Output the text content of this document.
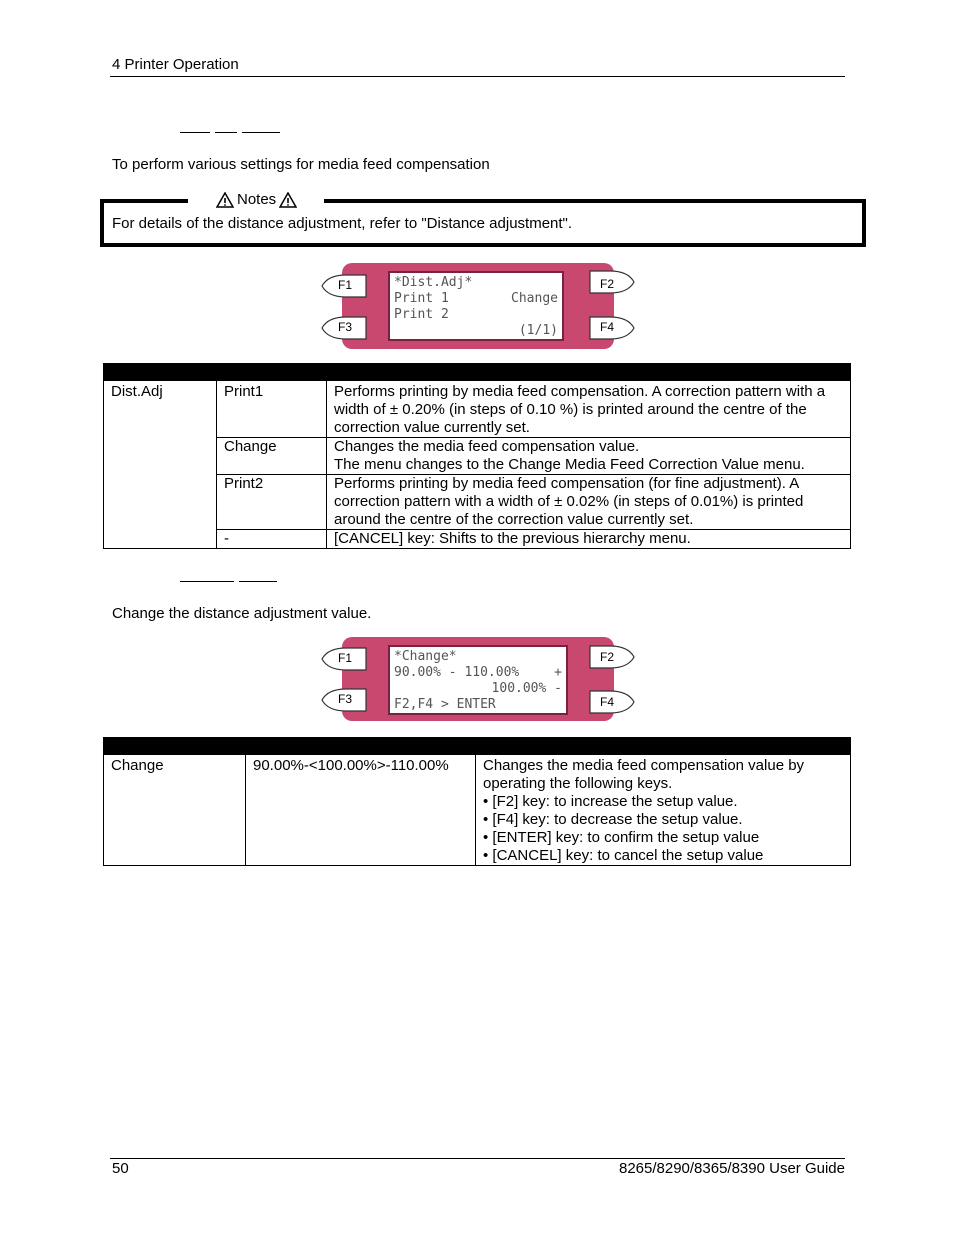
4 Printer Operation
To perform various settings for media feed compensation
Notes
For details of the distance adjustment, refer to "Distance adjustment".
F1	F2
F3	F4
*Dist.Adj*
Print 1	Change
Print 2
(1/1)

Dist.Adj	Print1	Performs printing by media feed compensation. A correction pattern with a width of ± 0.20% (in steps of 0.10 %) is printed around the centre of the correction value currently set.
	Change	Changes the media feed compensation value.
The menu changes to the Change Media Feed Correction Value menu.

	Print2	Performs printing by media feed compensation (for fine adjustment). A correction pattern with a width of ± 0.02% (in steps of 0.01%) is printed around the centre of the correction value currently set.
	-	[CANCEL] key: Shifts to the previous hierarchy menu.
Change the distance adjustment value.
F1	F2
F3	F4
*Change*
90.00% - 110.00%	+
100.00% -
F2,F4 > ENTER

Change	90.00%-<100.00%>-110.00%	Changes the media feed compensation value by operating the following keys.
• [F2] key: to increase the setup value.
• [F4] key: to decrease the setup value.
• [ENTER] key: to confirm the setup value
• [CANCEL] key: to cancel the setup value
50	8265/8290/8365/8390 User Guide
